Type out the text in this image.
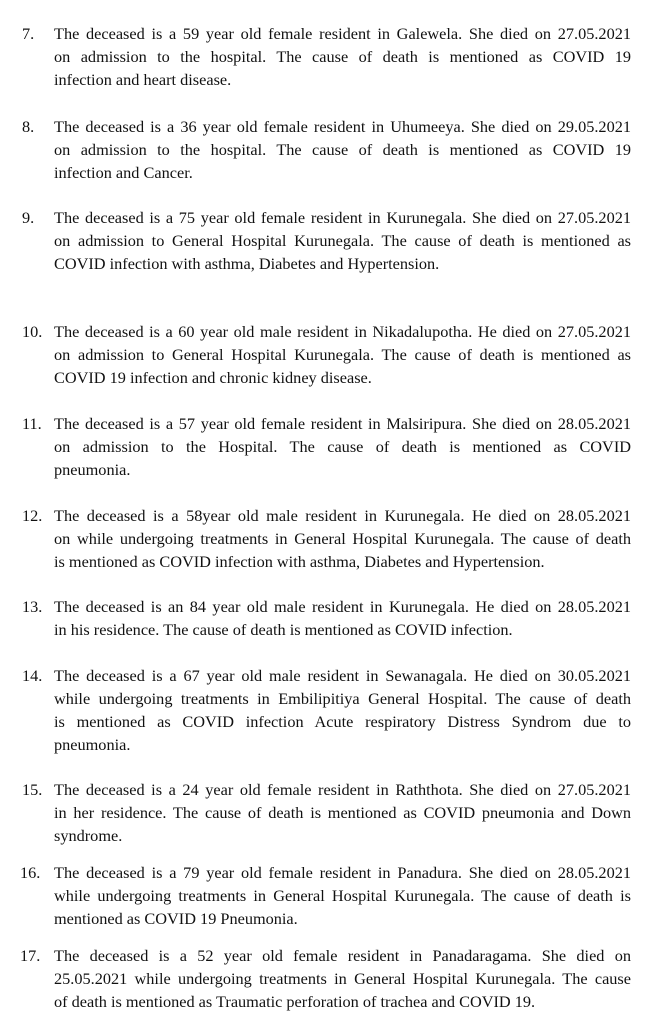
7. The deceased is a 59 year old female resident in Galewela. She died on 27.05.2021
on admission to the hospital. The cause of death is mentioned as COVID 19
infection and heart disease.
8. The deceased is a 36 year old female resident in Uhumeeya. She died on 29.05.2021
on admission to the hospital. The cause of death is mentioned as COVID 19
infection and Cancer.
9. The deceased is a 75 year old female resident in Kurunegala. She died on 27.05.2021
on admission to General Hospital Kurunegala. The cause of death is mentioned as
COVID infection with asthma, Diabetes and Hypertension.
10. The deceased is a 60 year old male resident in Nikadalupotha. He died on 27.05.2021
on admission to General Hospital Kurunegala. The cause of death is mentioned as
COVID 19 infection and chronic kidney disease.
11. The deceased is a 57 year old female resident in Malsiripura. She died on 28.05.2021
on admission to the Hospital. The cause of death is mentioned as COVID
pneumonia.
12. The deceased is a 58year old male resident in Kurunegala. He died on 28.05.2021
on while undergoing treatments in General Hospital Kurunegala. The cause of death
is mentioned as COVID infection with asthma, Diabetes and Hypertension.
13. The deceased is an 84 year old male resident in Kurunegala. He died on 28.05.2021
in his residence. The cause of death is mentioned as COVID infection.
14. The deceased is a 67 year old male resident in Sewanagala. He died on 30.05.2021
while undergoing treatments in Embilipitiya General Hospital. The cause of death
is mentioned as COVID infection Acute respiratory Distress Syndrom due to
pneumonia.
15. The deceased is a 24 year old female resident in Raththota. She died on 27.05.2021
in her residence. The cause of death is mentioned as COVID pneumonia and Down
syndrome.
16. The deceased is a 79 year old female resident in Panadura. She died on 28.05.2021
while undergoing treatments in General Hospital Kurunegala. The cause of death is
mentioned as COVID 19 Pneumonia.
17. The deceased is a 52 year old female resident in Panadaragama. She died on
25.05.2021 while undergoing treatments in General Hospital Kurunegala. The cause
of death is mentioned as Traumatic perforation of trachea and COVID 19.
